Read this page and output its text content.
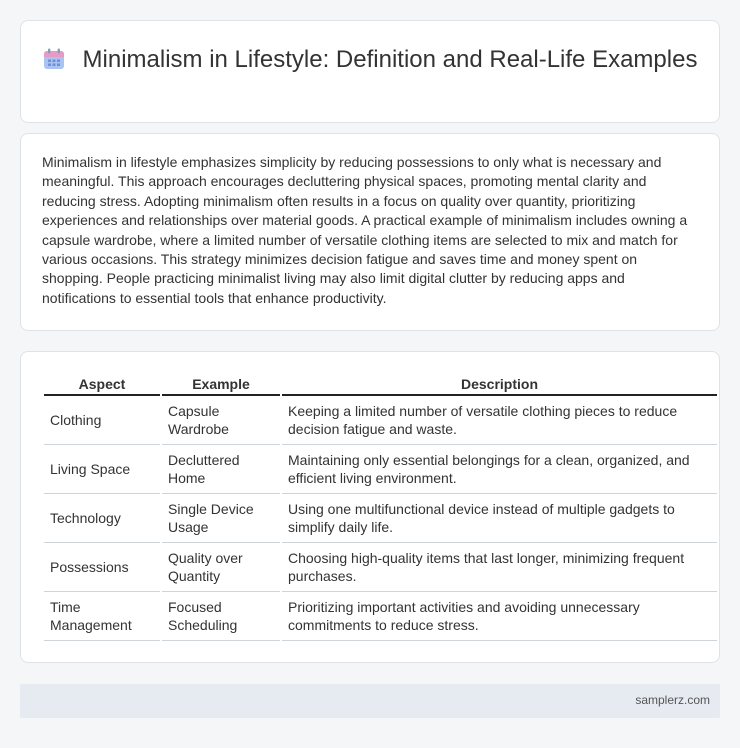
Minimalism in Lifestyle: Definition and Real-Life Examples

Minimalism in lifestyle emphasizes simplicity by reducing possessions to only what is necessary and meaningful. This approach encourages decluttering physical spaces, promoting mental clarity and reducing stress. Adopting minimalism often results in a focus on quality over quantity, prioritizing experiences and relationships over material goods. A practical example of minimalism includes owning a capsule wardrobe, where a limited number of versatile clothing items are selected to mix and match for various occasions. This strategy minimizes decision fatigue and saves time and money spent on shopping. People practicing minimalist living may also limit digital clutter by reducing apps and notifications to essential tools that enhance productivity.

Aspect	Example	Description
Clothing	Capsule Wardrobe	Keeping a limited number of versatile clothing pieces to reduce decision fatigue and waste.
Living Space	Decluttered Home	Maintaining only essential belongings for a clean, organized, and efficient living environment.
Technology	Single Device Usage	Using one multifunctional device instead of multiple gadgets to simplify daily life.
Possessions	Quality over Quantity	Choosing high-quality items that last longer, minimizing frequent purchases.
Time Management	Focused Scheduling	Prioritizing important activities and avoiding unnecessary commitments to reduce stress.
samplerz.com
